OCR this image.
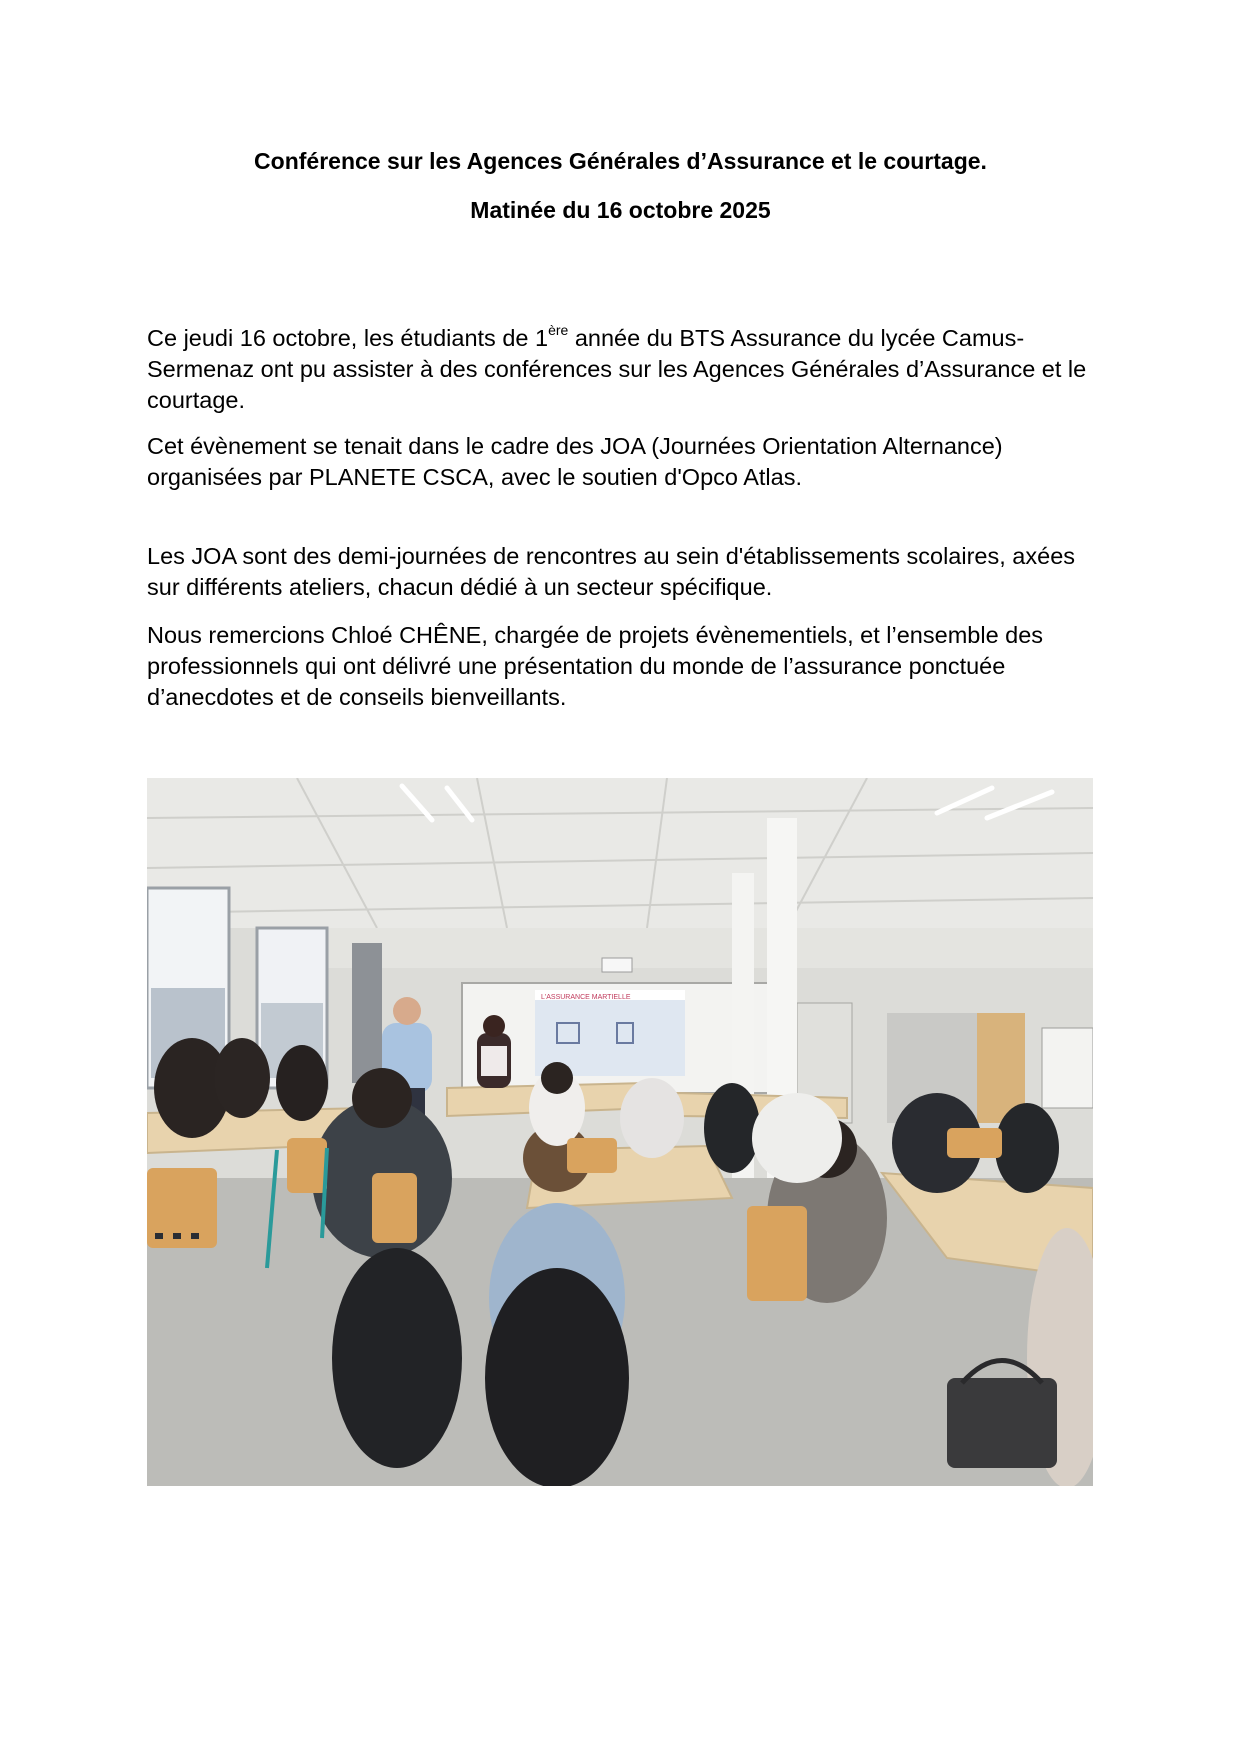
Conférence sur les Agences Générales d’Assurance et le courtage.
Matinée du 16 octobre 2025

Ce jeudi 16 octobre, les étudiants de 1ère année du BTS Assurance du lycée Camus-Sermenaz ont pu assister à des conférences sur les Agences Générales d’Assurance et le courtage.

Cet évènement se tenait dans le cadre des JOA (Journées Orientation Alternance) organisées par PLANETE CSCA, avec le soutien d'Opco Atlas.

Les JOA sont des demi-journées de rencontres au sein d'établissements scolaires, axées sur différents ateliers, chacun dédié à un secteur spécifique.

Nous remercions Chloé CHÊNE, chargée de projets évènementiels, et l’ensemble des professionnels qui ont délivré une présentation du monde de l’assurance ponctuée d’anecdotes et de conseils bienveillants.

L'ASSURANCE MARTIELLE
